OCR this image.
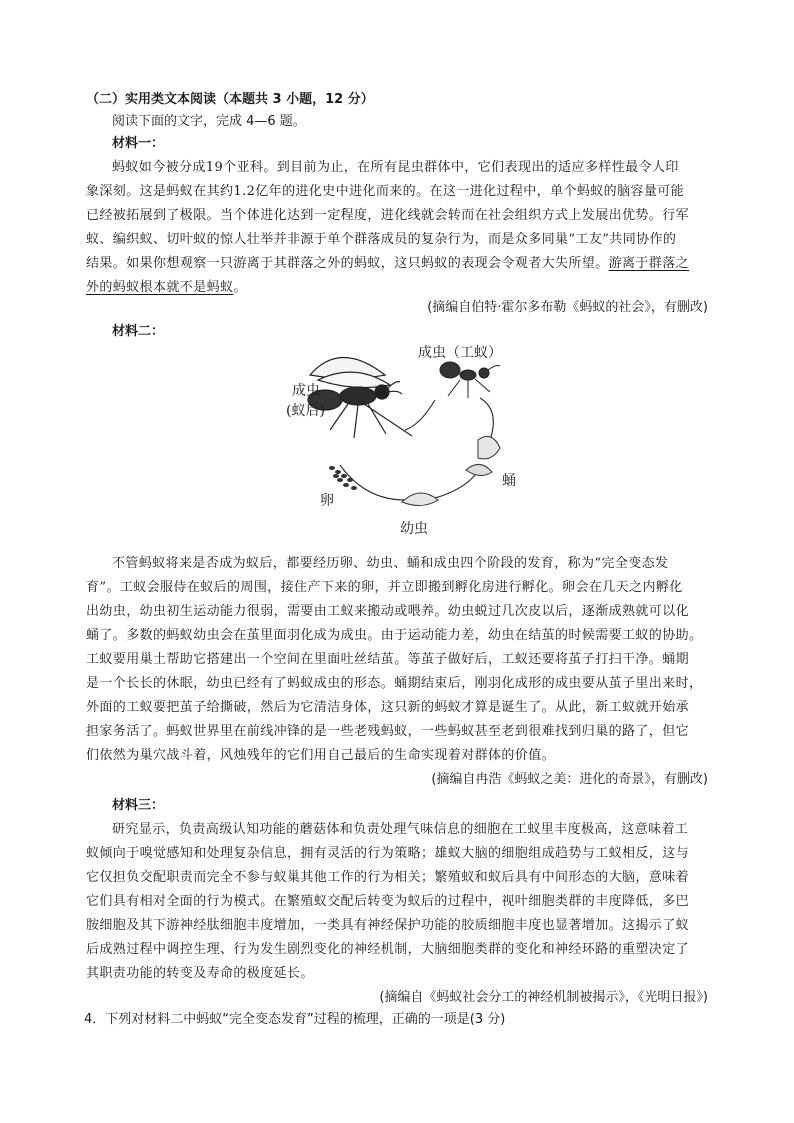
（二）实用类文本阅读（本题共 3 小题，12 分）
阅读下面的文字，完成 4—6 题。
材料一：
蚂蚁如今被分成19个亚科。到目前为止，在所有昆虫群体中，它们表现出的适应多样性最令人印
象深刻。这是蚂蚁在其约1.2亿年的进化史中进化而来的。在这一进化过程中，单个蚂蚁的脑容量可能
已经被拓展到了极限。当个体进化达到一定程度，进化线就会转而在社会组织方式上发展出优势。行军
蚁、编织蚁、切叶蚁的惊人壮举并非源于单个群落成员的复杂行为，而是众多同巢“工友”共同协作的
结果。如果你想观察一只游离于其群落之外的蚂蚁，这只蚂蚁的表现会令观者大失所望。游离于群落之
外的蚂蚁根本就不是蚂蚁。
(摘编自伯特·霍尔多布勒《蚂蚁的社会》，有删改)
材料二：
成虫
(蚁后)
成虫（工蚁）
卵
幼虫
蛹
不管蚂蚁将来是否成为蚁后，都要经历卵、幼虫、蛹和成虫四个阶段的发育，称为“完全变态发
育”。工蚁会服侍在蚁后的周围，接住产下来的卵，并立即搬到孵化房进行孵化。卵会在几天之内孵化
出幼虫，幼虫初生运动能力很弱，需要由工蚁来搬动或喂养。幼虫蜕过几次皮以后，逐渐成熟就可以化
蛹了。多数的蚂蚁幼虫会在茧里面羽化成为成虫。由于运动能力差，幼虫在结茧的时候需要工蚁的协助。
工蚁要用巢土帮助它搭建出一个空间在里面吐丝结茧。等茧子做好后，工蚁还要将茧子打扫干净。蛹期
是一个长长的休眠，幼虫已经有了蚂蚁成虫的形态。蛹期结束后，刚羽化成形的成虫要从茧子里出来时，
外面的工蚁要把茧子给撕破，然后为它清洁身体，这只新的蚂蚁才算是诞生了。从此，新工蚁就开始承
担家务活了。蚂蚁世界里在前线冲锋的是一些老残蚂蚁，一些蚂蚁甚至老到很难找到归巢的路了，但它
们依然为巢穴战斗着，风烛残年的它们用自己最后的生命实现着对群体的价值。
(摘编自冉浩《蚂蚁之美：进化的奇景》，有删改)
材料三：
研究显示，负责高级认知功能的蘑菇体和负责处理气味信息的细胞在工蚁里丰度极高，这意味着工
蚁倾向于嗅觉感知和处理复杂信息，拥有灵活的行为策略；雄蚁大脑的细胞组成趋势与工蚁相反，这与
它仅担负交配职责而完全不参与蚁巢其他工作的行为相关；繁殖蚁和蚁后具有中间形态的大脑，意味着
它们具有相对全面的行为模式。在繁殖蚁交配后转变为蚁后的过程中，视叶细胞类群的丰度降低，多巴
胺细胞及其下游神经肽细胞丰度增加，一类具有神经保护功能的胶质细胞丰度也显著增加。这揭示了蚁
后成熟过程中调控生理、行为发生剧烈变化的神经机制，大脑细胞类群的变化和神经环路的重塑决定了
其职责功能的转变及寿命的极度延长。
(摘编自《蚂蚁社会分工的神经机制被揭示》，《光明日报》)
4．下列对材料二中蚂蚁“完全变态发育”过程的梳理，正确的一项是(3 分)
